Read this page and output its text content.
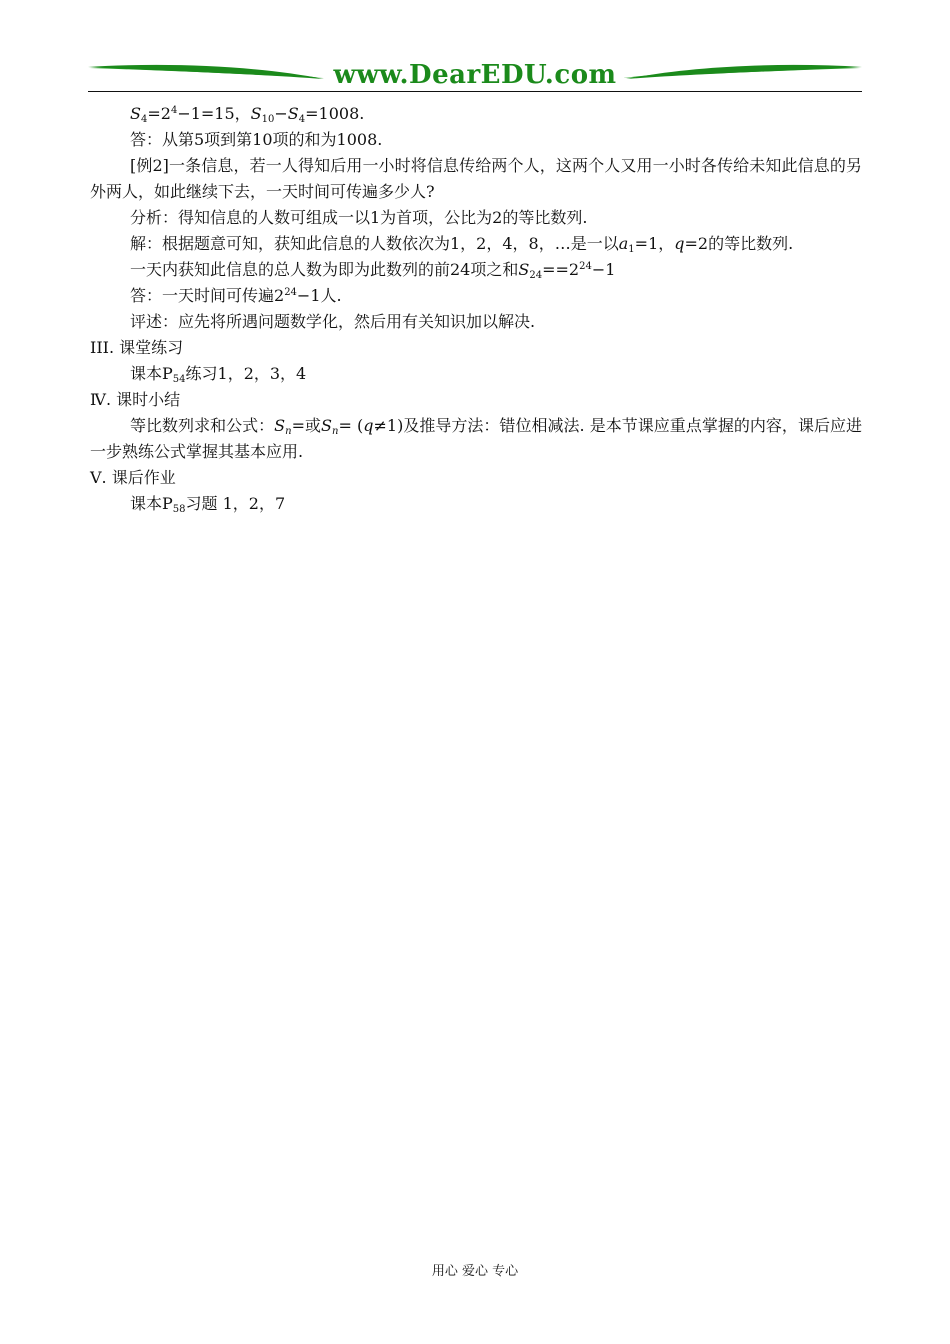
www.DearEDU.com
$S_4=2^4-1=15$，$S_{10}-S_4=1008$.
答：从第5项到第10项的和为1008.
[例2]一条信息，若一人得知后用一小时将信息传给两个人，这两个人又用一小时各传给未知此信息的另外两人，如此继续下去，一天时间可传遍多少人?
分析：得知信息的人数可组成一以1为首项，公比为2的等比数列.
解：根据题意可知，获知此信息的人数依次为1，2，4，8，…是一以$a_1=1$，q=2的等比数列.
一天内获知此信息的总人数为即为此数列的前24项之和$S_{24}==2^{24}-1$
答：一天时间可传遍$2^{24}-1$人.
评述：应先将所遇问题数学化，然后用有关知识加以解决.
III. 课堂练习
课本$P_{54}$练习1，2，3，4
Ⅳ. 课时小结
等比数列求和公式：$S_n=$或$S_n= (q\ne 1)$及推导方法：错位相减法. 是本节课应重点掌握的内容，课后应进一步熟练公式掌握其基本应用.
Ⅴ. 课后作业
课本$P_{58}$习题 1，2，7
用心 爱心 专心
